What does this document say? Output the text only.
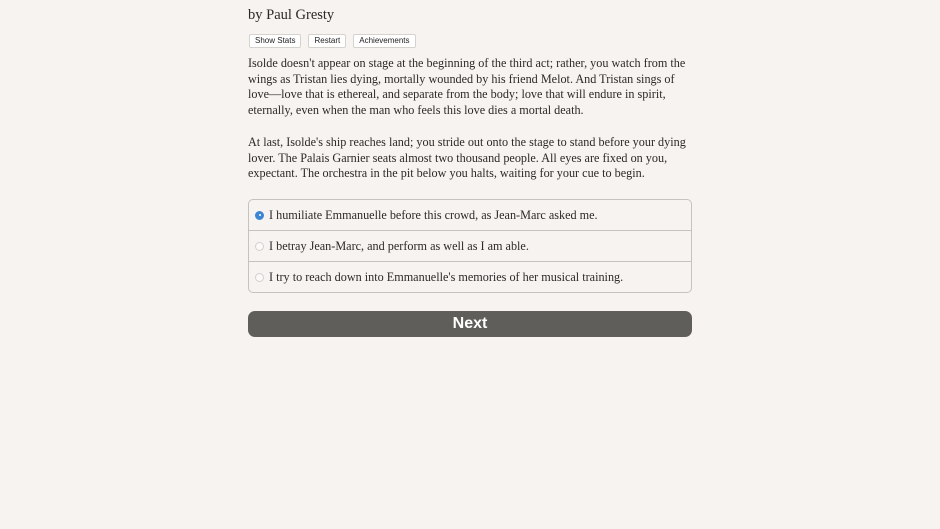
by Paul Gresty
Show Stats	Restart	Achievements

Isolde doesn't appear on stage at the beginning of the third act; rather, you watch from the wings as Tristan lies dying, mortally wounded by his friend Melot. And Tristan sings of love—love that is ethereal, and separate from the body; love that will endure in spirit, eternally, even when the man who feels this love dies a mortal death.

At last, Isolde's ship reaches land; you stride out onto the stage to stand before your dying lover. The Palais Garnier seats almost two thousand people. All eyes are fixed on you, expectant. The orchestra in the pit below you halts, waiting for your cue to begin.

I humiliate Emmanuelle before this crowd, as Jean-Marc asked me.
I betray Jean-Marc, and perform as well as I am able.
I try to reach down into Emmanuelle's memories of her musical training.
Next
